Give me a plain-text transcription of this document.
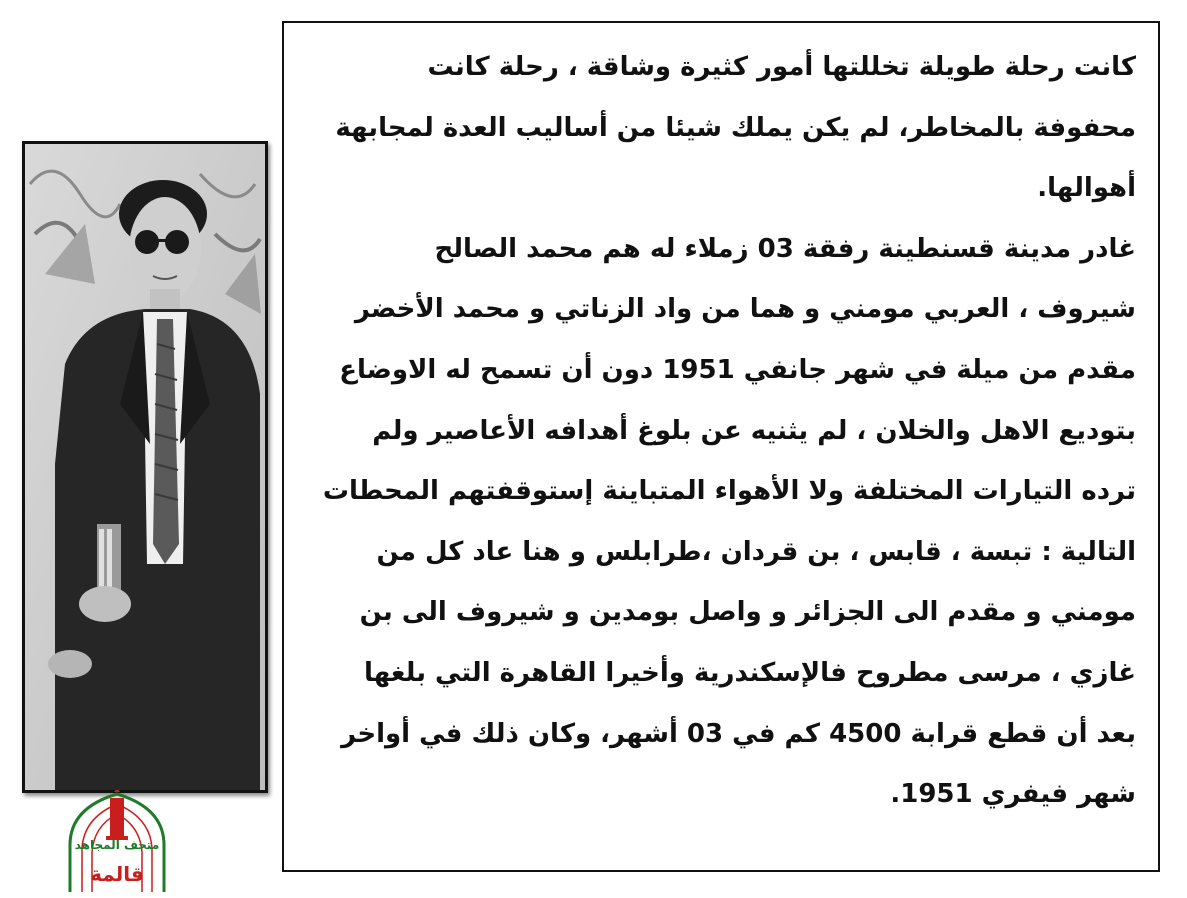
كانت رحلة طويلة تخللتها أمور كثيرة وشاقة ، رحلة كانت
محفوفة بالمخاطر، لم يكن يملك شيئا من أساليب العدة لمجابهة
أهوالها.
غادر مدينة قسنطينة رفقة 03 زملاء له هم محمد الصالح
شيروف ، العربي مومني و هما من واد الزناتي و محمد الأخضر
مقدم من ميلة في شهر جانفي 1951 دون أن تسمح له الاوضاع
بتوديع الاهل والخلان ، لم يثنيه عن بلوغ أهدافه الأعاصير ولم
ترده التيارات المختلفة ولا الأهواء المتباينة إستوقفتهم المحطات
التالية : تبسة ، قابس ، بن قردان ،طرابلس و هنا عاد كل من
مومني و مقدم الى الجزائر و واصل بومدين و شيروف الى بن
غازي ، مرسى مطروح فالإسكندرية وأخيرا القاهرة التي بلغها
بعد أن قطع قرابة 4500 كم في 03 أشهر، وكان ذلك في أواخر
شهر فيفري 1951.
متحف المجاهد
قالمة
